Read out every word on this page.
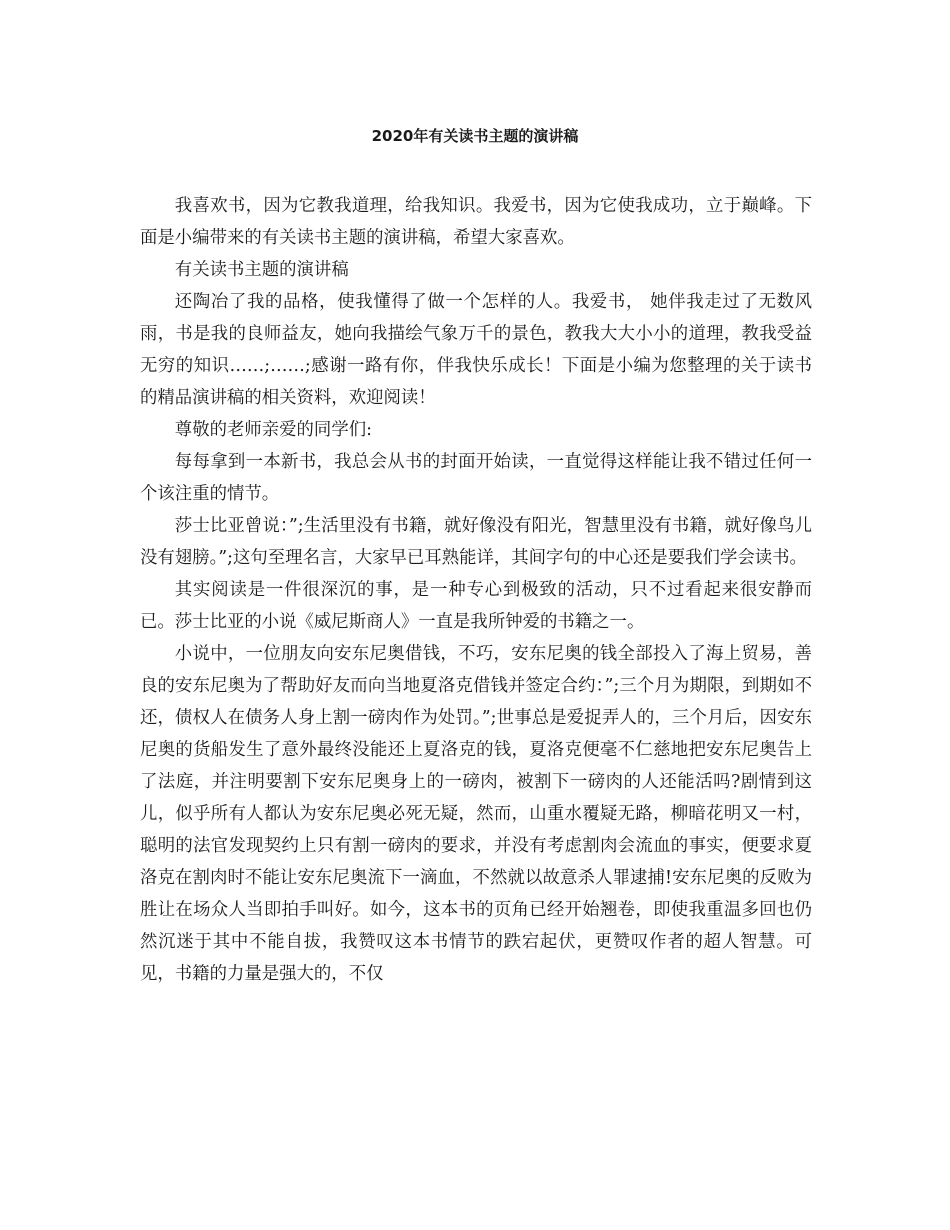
2020年有关读书主题的演讲稿

我喜欢书，因为它教我道理，给我知识。我爱书，因为它使我成功，立于巅峰。下面是小编带来的有关读书主题的演讲稿，希望大家喜欢。

有关读书主题的演讲稿

还陶冶了我的品格，使我懂得了做一个怎样的人。我爱书， 她伴我走过了无数风雨，书是我的良师益友，她向我描绘气象万千的景色，教我大大小小的道理，教我受益无穷的知识……;……;感谢一路有你，伴我快乐成长！下面是小编为您整理的关于读书的精品演讲稿的相关资料，欢迎阅读！

尊敬的老师亲爱的同学们:

每每拿到一本新书，我总会从书的封面开始读，一直觉得这样能让我不错过任何一个该注重的情节。

莎士比亚曾说：”;生活里没有书籍，就好像没有阳光，智慧里没有书籍，就好像鸟儿没有翅膀。”;这句至理名言，大家早已耳熟能详，其间字句的中心还是要我们学会读书。

其实阅读是一件很深沉的事，是一种专心到极致的活动，只不过看起来很安静而已。莎士比亚的小说《威尼斯商人》一直是我所钟爱的书籍之一。

小说中，一位朋友向安东尼奥借钱，不巧，安东尼奥的钱全部投入了海上贸易，善良的安东尼奥为了帮助好友而向当地夏洛克借钱并签定合约：”;三个月为期限，到期如不还，债权人在债务人身上割一磅肉作为处罚。”;世事总是爱捉弄人的，三个月后，因安东尼奥的货船发生了意外最终没能还上夏洛克的钱，夏洛克便毫不仁慈地把安东尼奥告上了法庭，并注明要割下安东尼奥身上的一磅肉，被割下一磅肉的人还能活吗?剧情到这儿，似乎所有人都认为安东尼奥必死无疑，然而，山重水覆疑无路，柳暗花明又一村，聪明的法官发现契约上只有割一磅肉的要求，并没有考虑割肉会流血的事实，便要求夏洛克在割肉时不能让安东尼奥流下一滴血，不然就以故意杀人罪逮捕!安东尼奥的反败为胜让在场众人当即拍手叫好。如今，这本书的页角已经开始翘卷，即使我重温多回也仍然沉迷于其中不能自拔，我赞叹这本书情节的跌宕起伏，更赞叹作者的超人智慧。可见，书籍的力量是强大的，不仅
